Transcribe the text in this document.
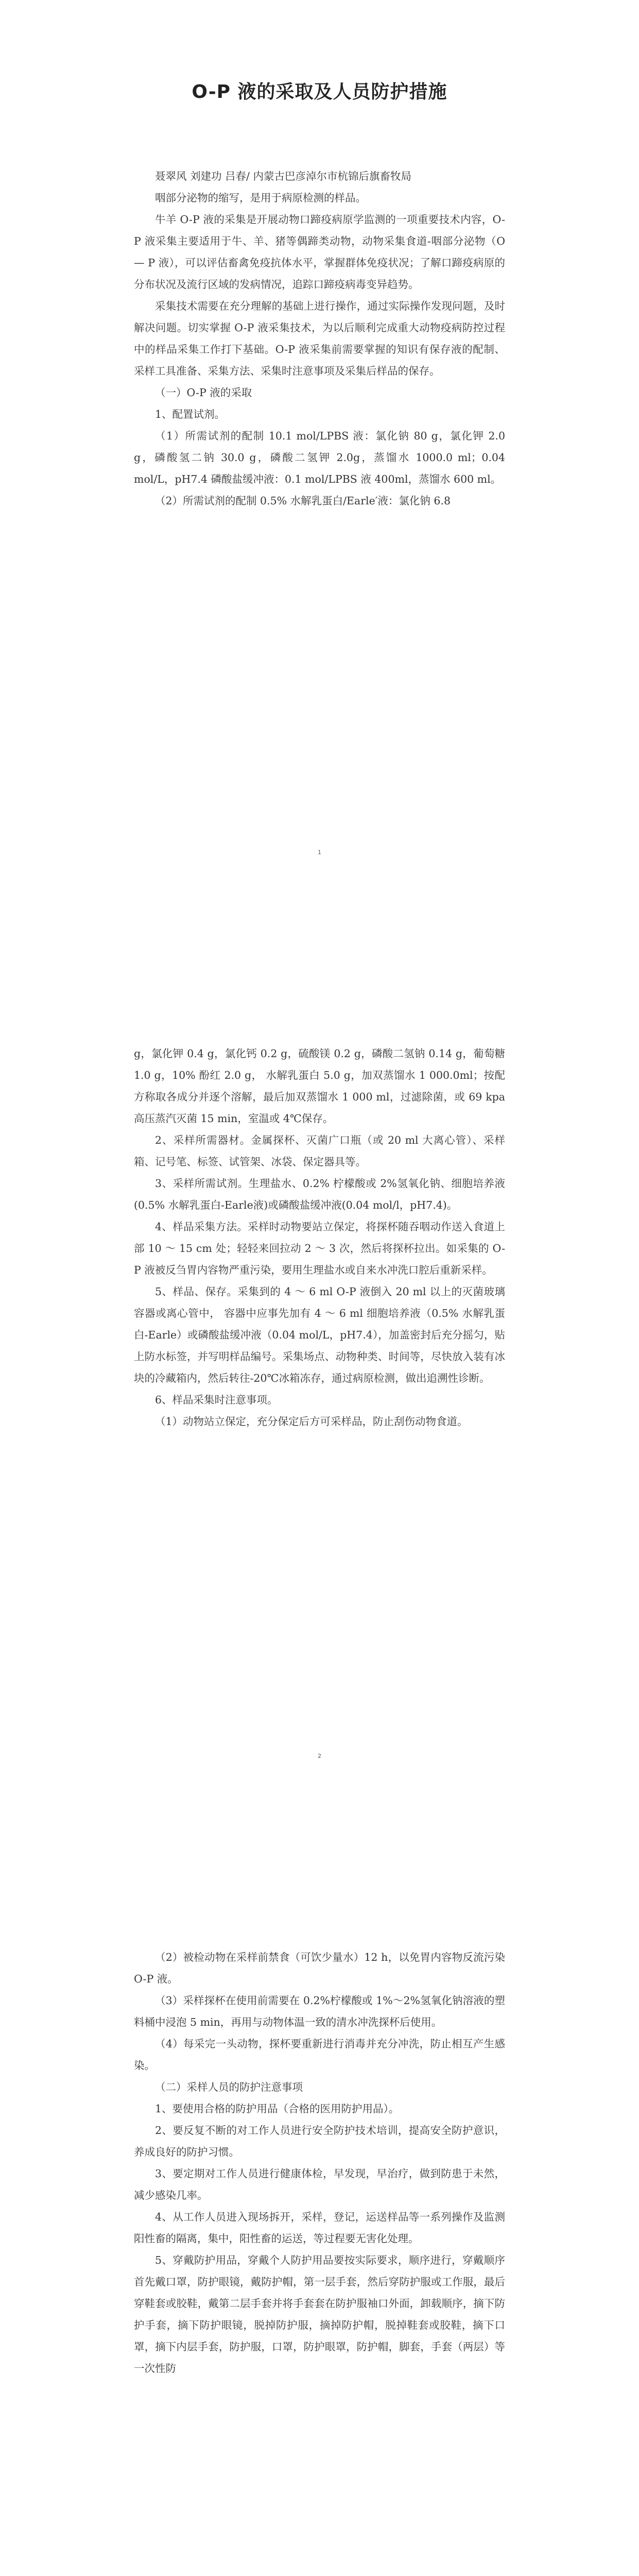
O-P 液的采取及人员防护措施

聂翠风 刘建功 吕春/ 内蒙古巴彦淖尔市杭锦后旗畜牧局

咽部分泌物的缩写，是用于病原检测的样品。

牛羊 O-P 液的采集是开展动物口蹄疫病原学监测的一项重要技术内容，O-P 液采集主要适用于牛、羊、猪等偶蹄类动物，动物采集食道-咽部分泌物（O — P 液），可以评估畜禽免疫抗体水平，掌握群体免疫状况；了解口蹄疫病原的分布状况及流行区域的发病情况，追踪口蹄疫病毒变异趋势。

采集技术需要在充分理解的基础上进行操作，通过实际操作发现问题，及时解决问题。切实掌握 O-P 液采集技术，为以后顺利完成重大动物疫病防控过程中的样品采集工作打下基础。O-P 液采集前需要掌握的知识有保存液的配制、采样工具准备、采集方法、采集时注意事项及采集后样品的保存。

（一）O-P 液的采取

1、配置试剂。

（1）所需试剂的配制 10.1 mol/LPBS 液：氯化钠 80 g，氯化钾 2.0 g，磷酸氢二钠 30.0 g，磷酸二氢钾 2.0g，蒸馏水 1000.0 ml；0.04 mol/L，pH7.4 磷酸盐缓冲液：0.1 mol/LPBS 液 400ml，蒸馏水 600 ml。

（2）所需试剂的配制 0.5% 水解乳蛋白/Earle′液：氯化钠 6.8

1

g，氯化钾 0.4 g，氯化钙 0.2 g，硫酸镁 0.2 g，磷酸二氢钠 0.14 g，葡萄糖 1.0 g，10% 酚红 2.0 g， 水解乳蛋白 5.0 g，加双蒸馏水 1 000.0ml；按配方称取各成分并逐个溶解，最后加双蒸馏水 1 000 ml，过滤除菌，或 69 kpa 高压蒸汽灭菌 15 min，室温或 4℃保存。

2、采样所需器材。金属探杯、灭菌广口瓶（或 20 ml 大离心管）、采样箱、记号笔、标签、试管架、冰袋、保定器具等。

3、采样所需试剂。生理盐水、0.2% 柠檬酸或 2%氢氧化钠、细胞培养液(0.5% 水解乳蛋白-Earle液)或磷酸盐缓冲液(0.04 mol/l，pH7.4)。

4、样品采集方法。采样时动物要站立保定，将探杯随吞咽动作送入食道上部 10 ～ 15 cm 处；轻轻来回拉动 2 ～ 3 次，然后将探杯拉出。如采集的 O-P 液被反刍胃内容物严重污染，要用生理盐水或自来水冲洗口腔后重新采样。

5、样品、保存。采集到的 4 ～ 6 ml O-P 液倒入 20 ml 以上的灭菌玻璃容器或离心管中， 容器中应事先加有 4 ～ 6 ml 细胞培养液（0.5% 水解乳蛋白-Earle）或磷酸盐缓冲液（0.04 mol/L，pH7.4），加盖密封后充分摇匀，贴上防水标签，并写明样品编号。采集场点、动物种类、时间等，尽快放入装有冰块的冷藏箱内，然后转往-20℃冰箱冻存，通过病原检测，做出追溯性诊断。

6、样品采集时注意事项。

（1）动物站立保定，充分保定后方可采样品，防止刮伤动物食道。

2

（2）被检动物在采样前禁食（可饮少量水）12 h，以免胃内容物反流污染 O-P 液。

（3）采样探杯在使用前需要在 0.2%柠檬酸或 1%～2%氢氧化钠溶液的塑料桶中浸泡 5 min，再用与动物体温一致的清水冲洗探杯后使用。

（4）每采完一头动物，探杯要重新进行消毒并充分冲洗，防止相互产生感染。

（二）采样人员的防护注意事项

1、要使用合格的防护用品（合格的医用防护用品）。

2、要反复不断的对工作人员进行安全防护技术培训，提高安全防护意识，养成良好的防护习惯。

3、要定期对工作人员进行健康体检，早发现，早治疗，做到防患于未然，减少感染几率。

4、从工作人员进入现场拆开，采样，登记，运送样品等一系列操作及监测阳性畜的隔离，集中，阳性畜的运送，等过程要无害化处理。

5、穿戴防护用品，穿戴个人防护用品要按实际要求，顺序进行，穿戴顺序首先戴口罩，防护眼镜，戴防护帽，第一层手套，然后穿防护服或工作服，最后穿鞋套或胶鞋，戴第二层手套并将手套套在防护服袖口外面，卸载顺序，摘下防护手套，摘下防护眼镜，脱掉防护服，摘掉防护帽，脱掉鞋套或胶鞋，摘下口罩，摘下内层手套，防护服，口罩，防护眼罩，防护帽，脚套，手套（两层）等一次性防
